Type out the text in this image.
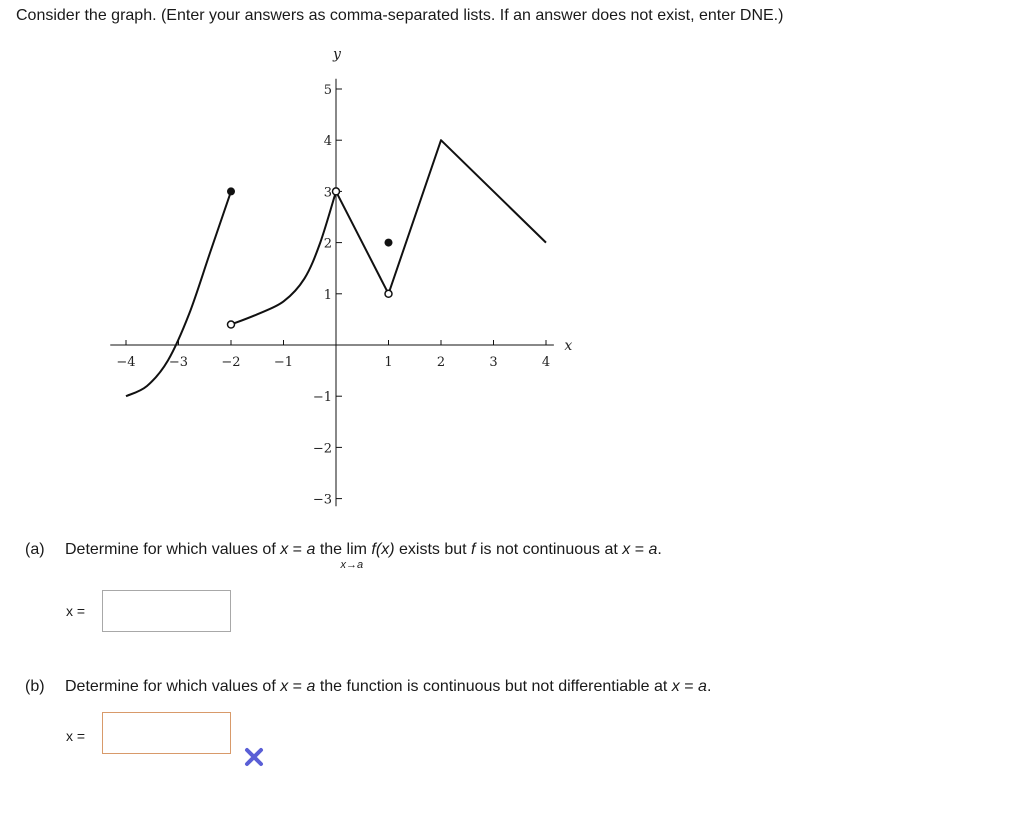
Consider the graph. (Enter your answers as comma-separated lists. If an answer does not exist, enter DNE.)
x
y
−4	−3	−2	−1	1	2	3	4
5
4
3
2
1
−1
−2
−3
(a) Determine for which values of x = a the lim
x→a
f(x) exists but f is not continuous at x = a.
x =
(b) Determine for which values of x = a the function is continuous but not differentiable at x = a.
x =
